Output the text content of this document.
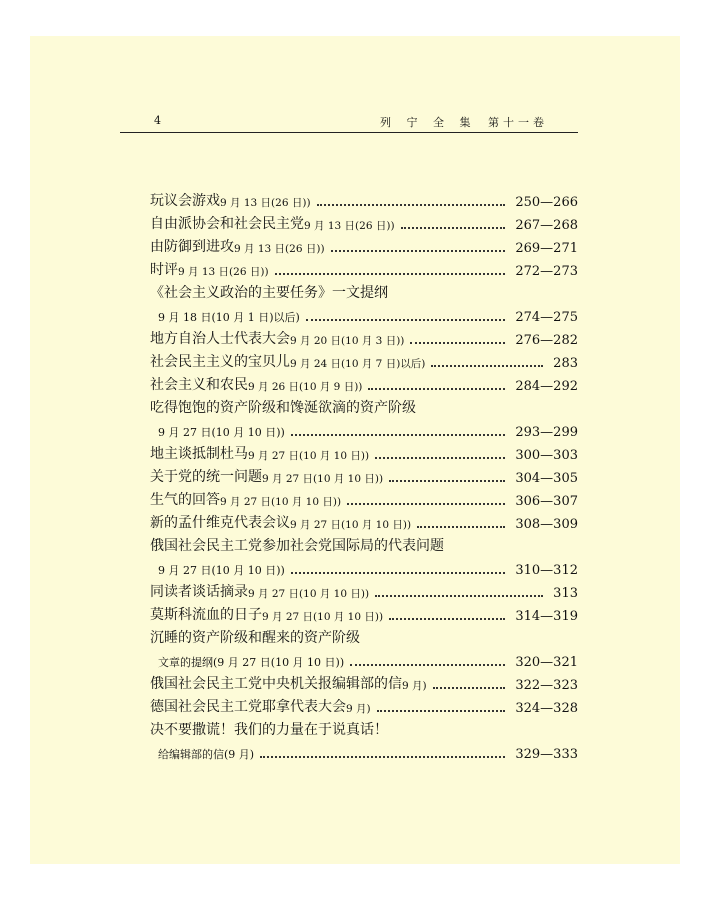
4	列 宁 全 集 第十一卷
玩议会游戏 9 月 13 日(26 日))	250—266
自由派协会和社会民主党 9 月 13 日(26 日))	267—268
由防御到进攻 9 月 13 日(26 日))	269—271
时评 9 月 13 日(26 日))	272—273
《社会主义政治的主要任务》一文提纲
9 月 18 日(10 月 1 日)以后)	274—275
地方自治人士代表大会 9 月 20 日(10 月 3 日))	276—282
社会民主主义的宝贝儿 9 月 24 日(10 月 7 日)以后)	283
社会主义和农民 9 月 26 日(10 月 9 日))	284—292
吃得饱饱的资产阶级和馋涎欲滴的资产阶级
9 月 27 日(10 月 10 日))	293—299
地主谈抵制杜马 9 月 27 日(10 月 10 日))	300—303
关于党的统一问题 9 月 27 日(10 月 10 日))	304—305
生气的回答 9 月 27 日(10 月 10 日))	306—307
新的孟什维克代表会议 9 月 27 日(10 月 10 日))	308—309
俄国社会民主工党参加社会党国际局的代表问题
9 月 27 日(10 月 10 日))	310—312
同读者谈话摘录 9 月 27 日(10 月 10 日))	313
莫斯科流血的日子 9 月 27 日(10 月 10 日))	314—319
沉睡的资产阶级和醒来的资产阶级
文章的提纲(9 月 27 日(10 月 10 日))	320—321
俄国社会民主工党中央机关报编辑部的信 9 月)	322—323
德国社会民主工党耶拿代表大会 9 月)	324—328
决不要撒谎！我们的力量在于说真话！
给编辑部的信(9 月)	329—333
